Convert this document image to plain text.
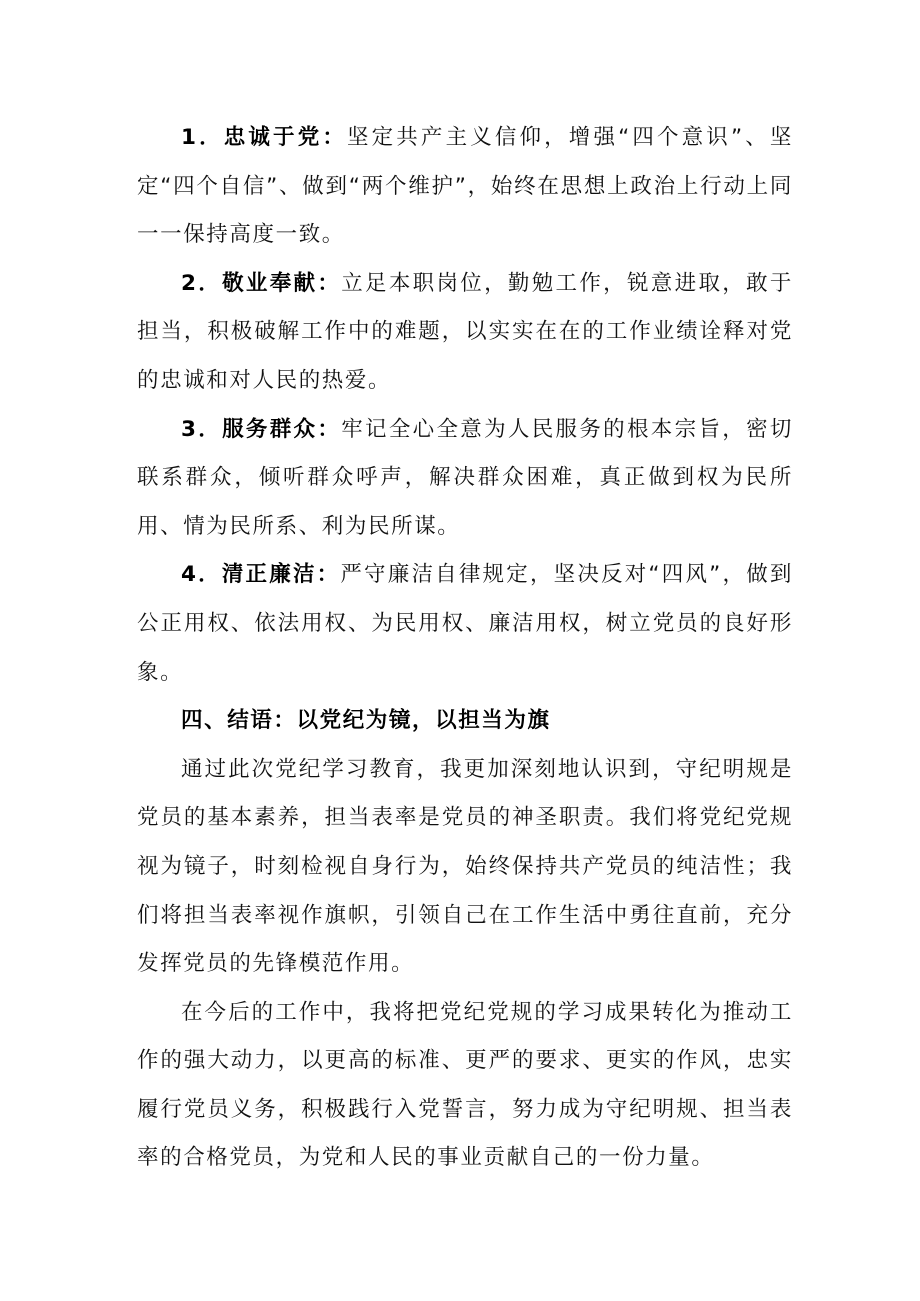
1．忠诚于党：坚定共产主义信仰，增强“四个意识”、坚定“四个自信”、做到“两个维护”，始终在思想上政治上行动上同一一保持高度一致。

2．敬业奉献：立足本职岗位，勤勉工作，锐意进取，敢于担当，积极破解工作中的难题，以实实在在的工作业绩诠释对党的忠诚和对人民的热爱。

3．服务群众：牢记全心全意为人民服务的根本宗旨，密切联系群众，倾听群众呼声，解决群众困难，真正做到权为民所用、情为民所系、利为民所谋。

4．清正廉洁：严守廉洁自律规定，坚决反对“四风”，做到公正用权、依法用权、为民用权、廉洁用权，树立党员的良好形象。

四、结语：以党纪为镜，以担当为旗

通过此次党纪学习教育，我更加深刻地认识到，守纪明规是党员的基本素养，担当表率是党员的神圣职责。我们将党纪党规视为镜子，时刻检视自身行为，始终保持共产党员的纯洁性；我们将担当表率视作旗帜，引领自己在工作生活中勇往直前，充分发挥党员的先锋模范作用。

在今后的工作中，我将把党纪党规的学习成果转化为推动工作的强大动力，以更高的标准、更严的要求、更实的作风，忠实履行党员义务，积极践行入党誓言，努力成为守纪明规、担当表率的合格党员，为党和人民的事业贡献自己的一份力量。
